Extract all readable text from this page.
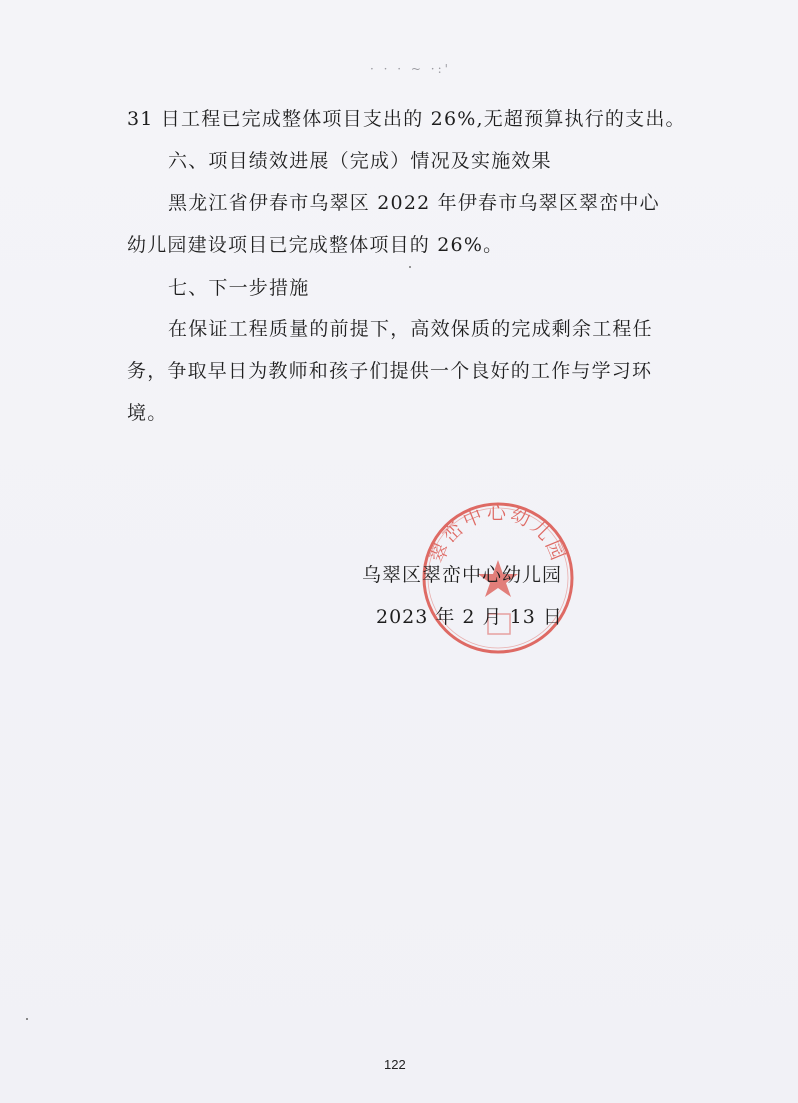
· · · ~ ·:'
31 日工程已完成整体项目支出的 26%,无超预算执行的支出。
六、项目绩效进展（完成）情况及实施效果
黑龙江省伊春市乌翠区 2022 年伊春市乌翠区翠峦中心
幼儿园建设项目已完成整体项目的 26%。
七、下一步措施
在保证工程质量的前提下，高效保质的完成剩余工程任
务，争取早日为教师和孩子们提供一个良好的工作与学习环
境。
翠峦中心幼儿园
乌翠区翠峦中心幼儿园
2023 年 2 月 13 日
122
